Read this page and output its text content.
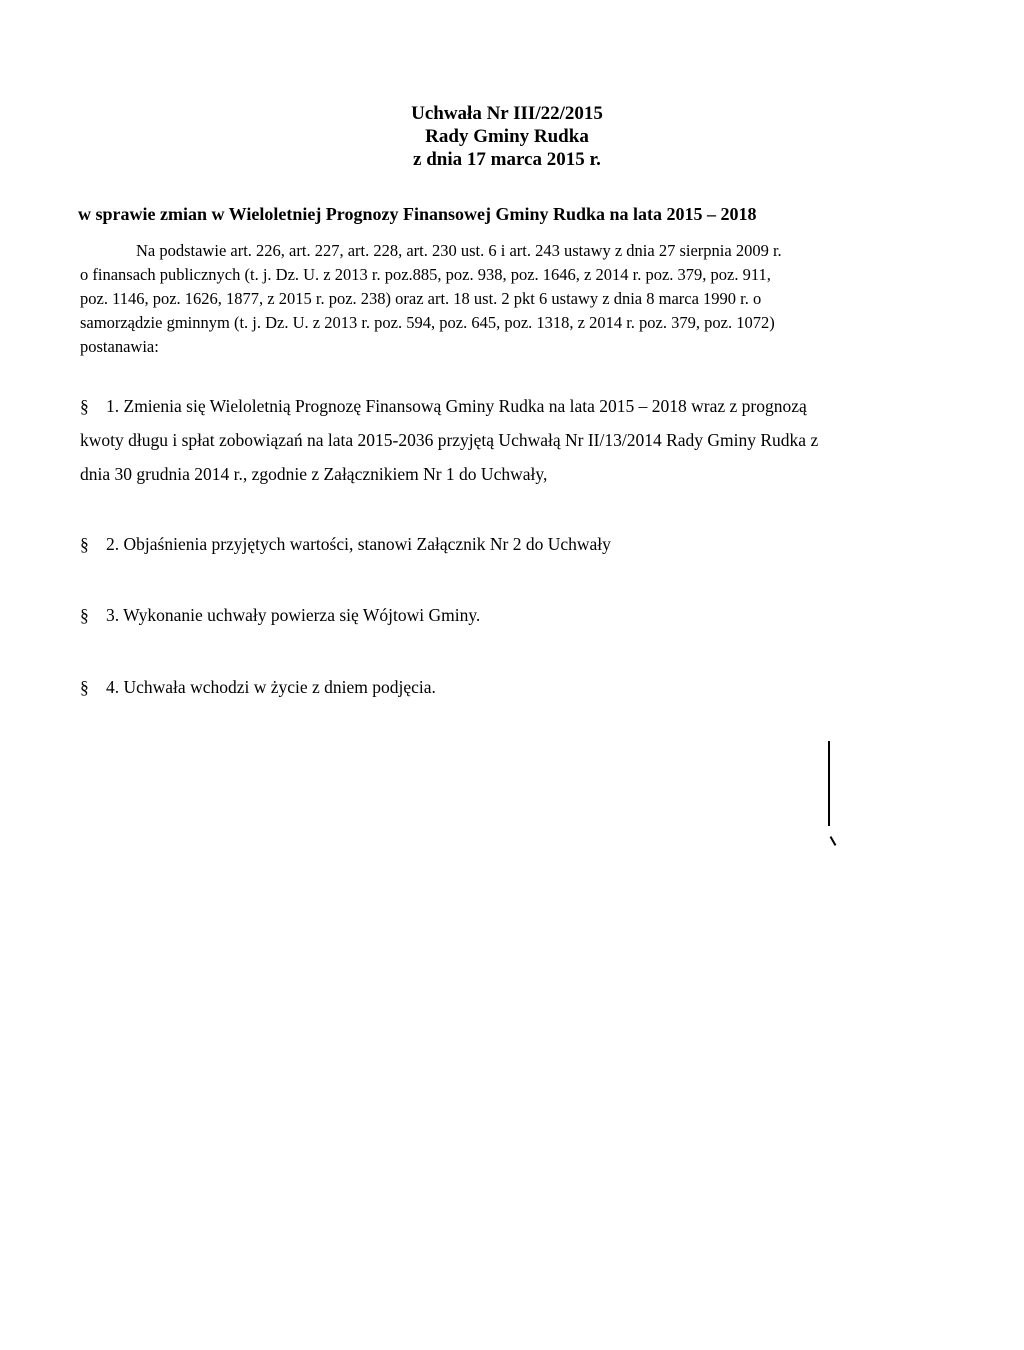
Uchwała Nr III/22/2015
Rady Gminy Rudka
z dnia 17 marca 2015 r.
w sprawie zmian w Wieloletniej Prognozy Finansowej Gminy Rudka na lata 2015 – 2018
Na podstawie art. 226, art. 227, art. 228, art. 230 ust. 6 i art. 243 ustawy z dnia 27 sierpnia 2009 r.
o finansach publicznych (t. j. Dz. U. z 2013 r. poz.885, poz. 938, poz. 1646, z 2014 r. poz. 379, poz. 911,
poz. 1146, poz. 1626, 1877, z 2015 r. poz. 238) oraz art. 18 ust. 2 pkt 6 ustawy z dnia 8 marca 1990 r. o
samorządzie gminnym (t. j. Dz. U. z 2013 r. poz. 594, poz. 645, poz. 1318, z 2014 r. poz. 379, poz. 1072)
postanawia:
§ 1. Zmienia się Wieloletnią Prognozę Finansową Gminy Rudka na lata 2015 – 2018 wraz z prognozą
kwoty długu i spłat zobowiązań na lata 2015-2036 przyjętą Uchwałą Nr II/13/2014 Rady Gminy Rudka z
dnia 30 grudnia 2014 r., zgodnie z Załącznikiem Nr 1 do Uchwały,
§ 2. Objaśnienia przyjętych wartości, stanowi Załącznik Nr 2 do Uchwały
§ 3. Wykonanie uchwały powierza się Wójtowi Gminy.
§ 4. Uchwała wchodzi w życie z dniem podjęcia.
